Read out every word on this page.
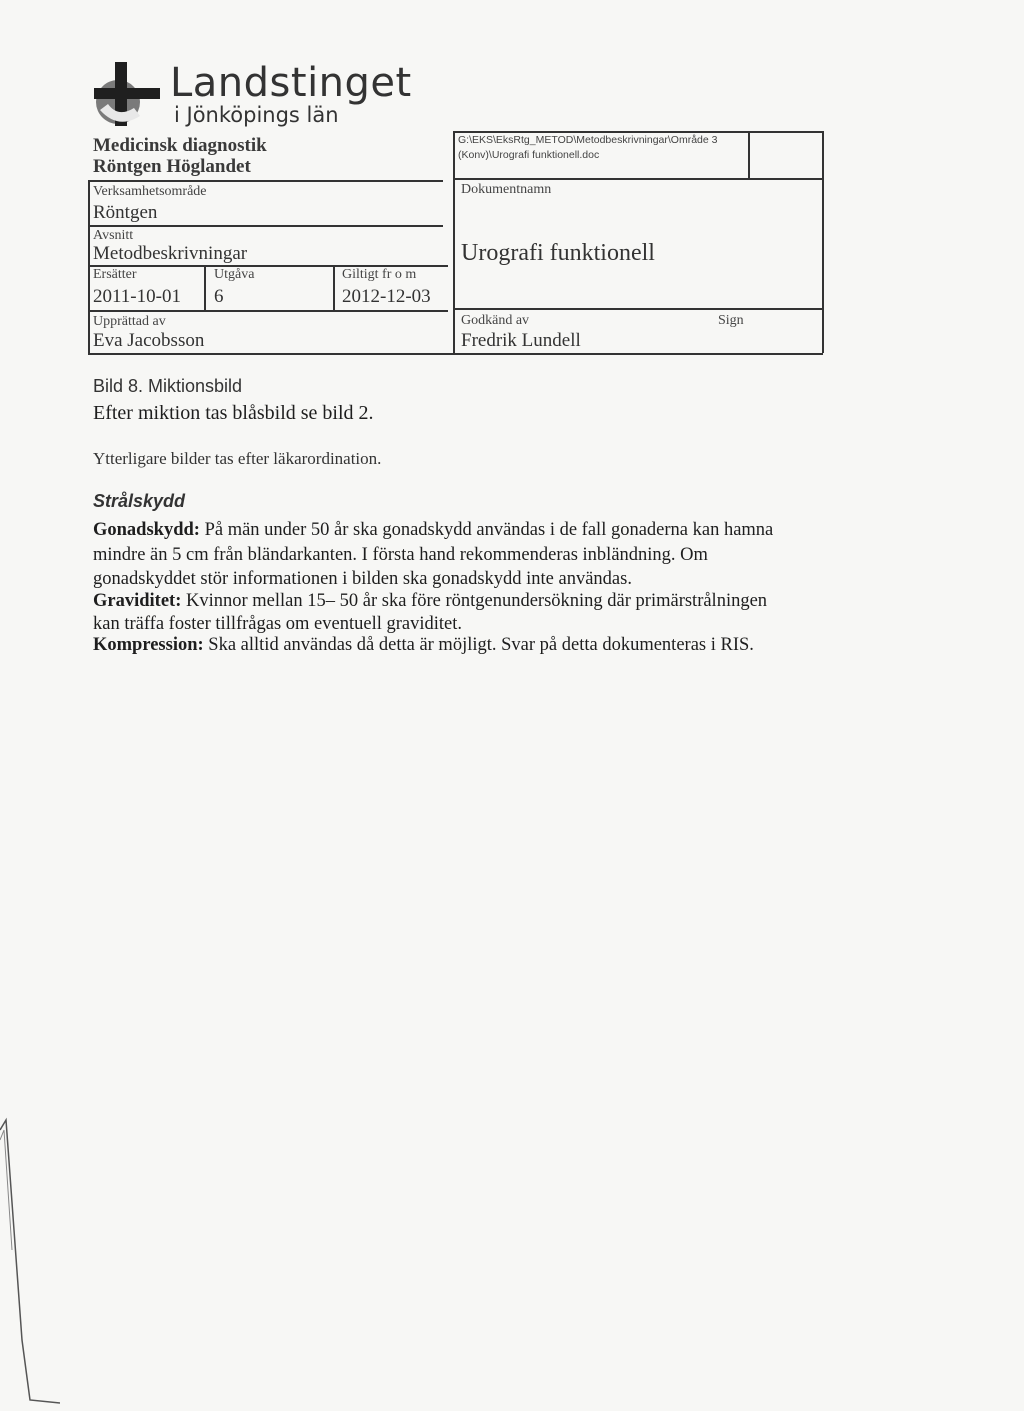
Landstinget
i Jönköpings län
Medicinsk diagnostik
Röntgen Höglandet
Verksamhetsområde
Röntgen
Avsnitt
Metodbeskrivningar
Ersätter
2011-10-01
Utgåva
6
Giltigt fr o m
2012-12-03
Upprättad av
Eva Jacobsson
G:\EKS\EksRtg_METOD\Metodbeskrivningar\Område 3 (Konv)\Urografi funktionell.doc
Dokumentnamn
Urografi funktionell
Godkänd av
Fredrik Lundell
Sign
Bild 8. Miktionsbild
Efter miktion tas blåsbild se bild 2.
Ytterligare bilder tas efter läkarordination.
Strålskydd
Gonadskydd: På män under 50 år ska gonadskydd användas i de fall gonaderna kan hamna
mindre än 5 cm från bländarkanten. I första hand rekommenderas inbländning. Om
gonadskyddet stör informationen i bilden ska gonadskydd inte användas.
Graviditet: Kvinnor mellan 15– 50 år ska före röntgenundersökning där primärstrålningen
kan träffa foster tillfrågas om eventuell graviditet.
Kompression: Ska alltid användas då detta är möjligt. Svar på detta dokumenteras i RIS.
